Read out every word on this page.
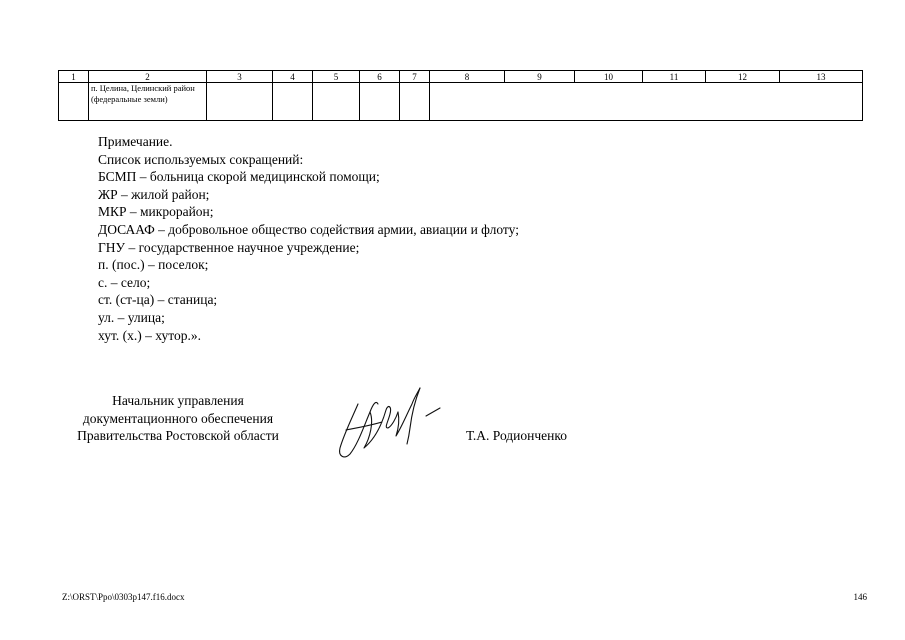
1	2	3	4	5	6	7	8	9	10	11	12	13
	п. Целина, Целинский район (федеральные земли)											
Примечание.
Список используемых сокращений:
БСМП – больница скорой медицинской помощи;
ЖР – жилой район;
МКР – микрорайон;
ДОСААФ – добровольное общество содействия армии, авиации и флоту;
ГНУ – государственное научное учреждение;
п. (пос.) – поселок;
с. – село;
ст. (ст-ца) – станица;
ул. – улица;
хут. (х.) – хутор.».
Начальник управления
документационного обеспечения
Правительства Ростовской области	Т.А. Родионченко
Z:\ORST\Ppo\0303p147.f16.docx	146
